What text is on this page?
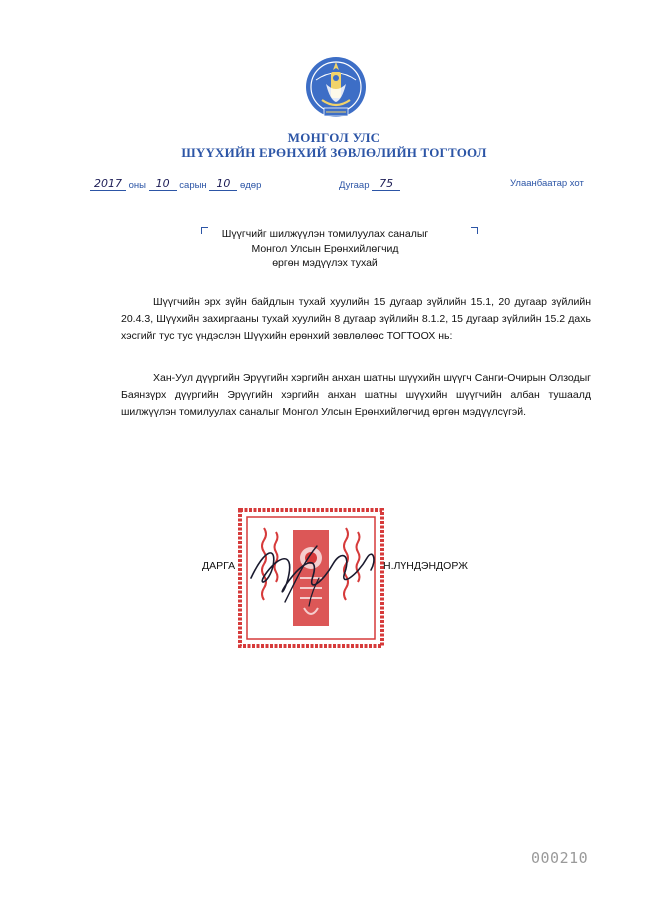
МОНГОЛ УЛС
ШҮҮХИЙН ЕРӨНХИЙ ЗӨВЛӨЛИЙН ТОГТООЛ
2017 оны 10 сарын 10 өдөр	Дугаар 75	Улаанбаатар хот
Шүүгчийг шилжүүлэн томилуулах саналыг
Монгол Улсын Ерөнхийлөгчид
өргөн мэдүүлэх тухай
Шүүгчийн эрх зүйн байдлын тухай хуулийн 15 дугаар зүйлийн 15.1, 20 дугаар зүйлийн 20.4.3, Шүүхийн захиргааны тухай хуулийн 8 дугаар зүйлийн 8.1.2, 15 дугаар зүйлийн 15.2 дахь хэсгийг тус тус үндэслэн Шүүхийн ерөнхий зөвлөлөөс ТОГТООХ нь:
Хан-Уул дүүргийн Эрүүгийн хэргийн анхан шатны шүүхийн шүүгч Санги-Очирын Олзодыг Баянзүрх дүүргийн Эрүүгийн хэргийн анхан шатны шүүхийн шүүгчийн албан тушаалд шилжүүлэн томилуулах саналыг Монгол Улсын Ерөнхийлөгчид өргөн мэдүүлсүгэй.
ДАРГА	Н.ЛҮНДЭНДОРЖ
000210
